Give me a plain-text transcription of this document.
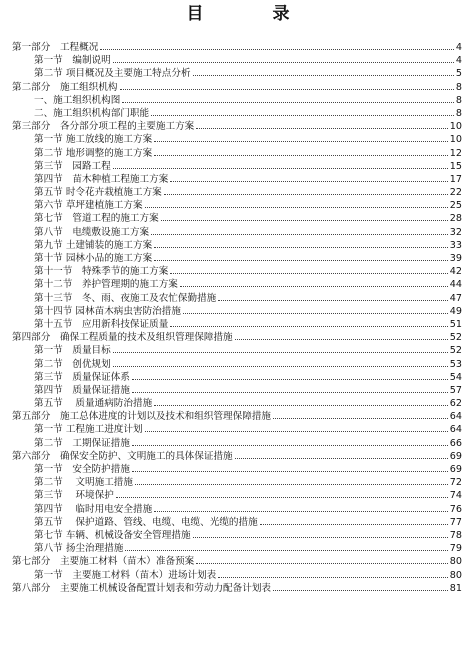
目　录
第一部分　工程概况	4
第一节　编制说明	4
第二节 项目概况及主要施工特点分析	5
第二部分　施工组织机构	8
一、施工组织机构图	8
二、施工组织机构部门职能	8
第三部分　各分部分项工程的主要施工方案	10
第一节 施工放线的施工方案	10
第二节 地形调整的施工方案	12
第三节　园路工程	15
第四节　苗木种植工程施工方案	17
第五节 时令花卉栽植施工方案	22
第六节 草坪建植施工方案	25
第七节　管道工程的施工方案	28
第八节　电缆敷设施工方案	32
第九节 土建铺装的施工方案	33
第十节 园林小品的施工方案	39
第十一节　特殊季节的施工方案	42
第十二节　养护管理期的施工方案	44
第十三节　冬、雨、夜施工及农忙保勤措施	47
第十四节 园林苗木病虫害防治措施	49
第十五节　应用新科技保证质量	51
第四部分　确保工程质量的技术及组织管理保障措施	52
第一节　质量目标	52
第二节　创优规划	53
第三节　质量保证体系	54
第四节　质量保证措施	57
第五节　 质量通病防治措施	62
第五部分　施工总体进度的计划以及技术和组织管理保障措施	64
第一节 工程施工进度计划	64
第二节　工期保证措施	66
第六部分　确保安全防护、文明施工的具体保证措施	69
第一节　安全防护措施	69
第二节　 文明施工措施	72
第三节　 环境保护	74
第四节　 临时用电安全措施	76
第五节　 保护道路、管线、电缆、电缆、光缆的措施	77
第七节 车辆、机械设备安全管理措施	78
第八节 扬尘治理措施	79
第七部分　主要施工材料（苗木）准备预案	80
第一节　主要施工材料（苗木）进场计划表	80
第八部分　主要施工机械设备配置计划表和劳动力配备计划表	81
